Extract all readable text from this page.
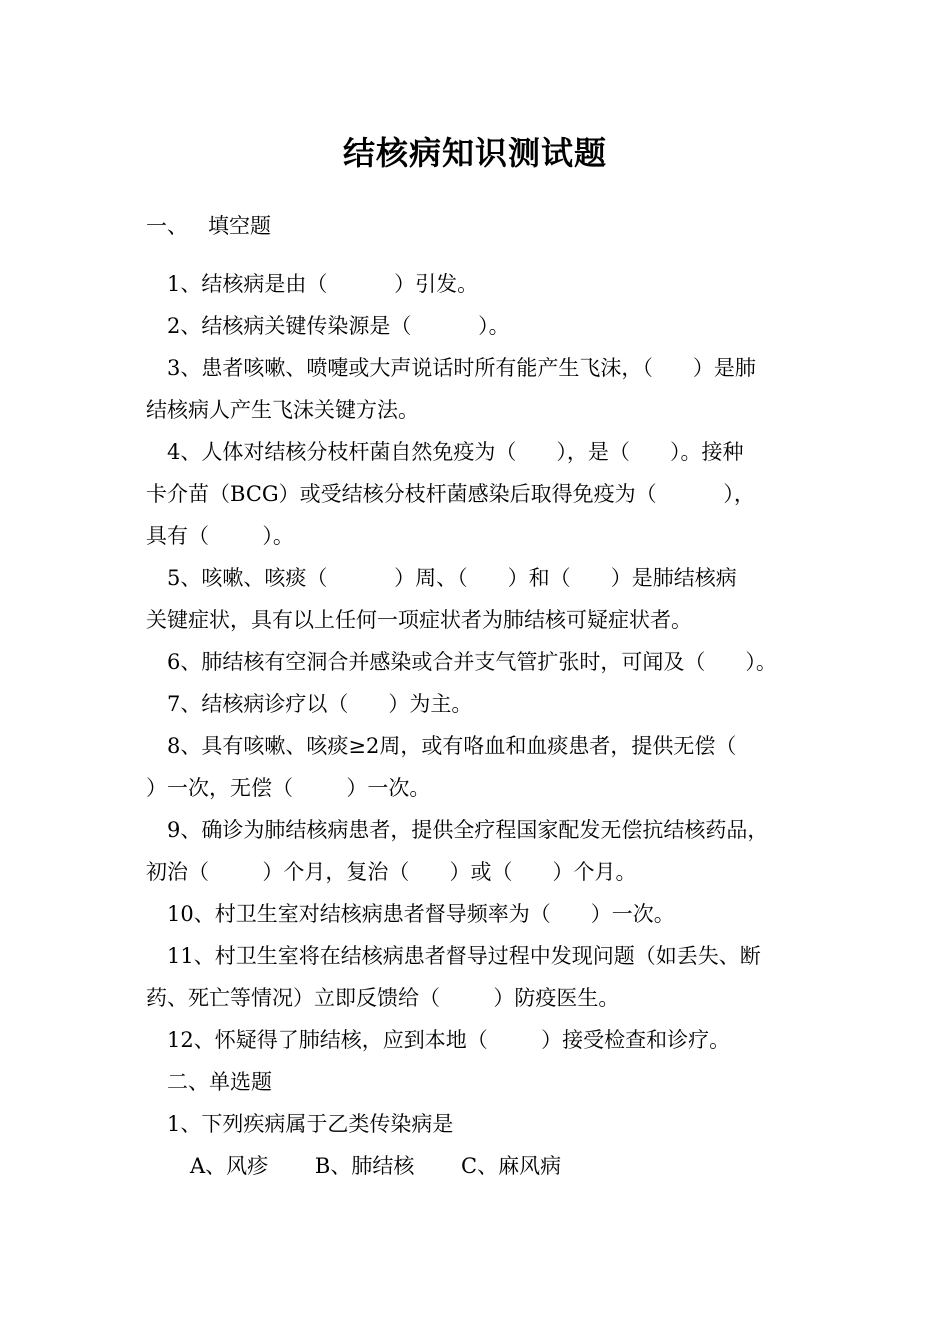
结核病知识测试题
一、   填空题
1、结核病是由（          ）引发。
2、结核病关键传染源是（          ）。
3、患者咳嗽、喷嚏或大声说话时所有能产生飞沫，（      ）是肺
结核病人产生飞沫关键方法。
4、人体对结核分枝杆菌自然免疫为（      ），是（      ）。接种
卡介苗（BCG）或受结核分枝杆菌感染后取得免疫为（          ），
具有（        ）。
5、咳嗽、咳痰（          ）周、（      ）和（      ）是肺结核病
关键症状，具有以上任何一项症状者为肺结核可疑症状者。
6、肺结核有空洞合并感染或合并支气管扩张时，可闻及（      ）。
7、结核病诊疗以（      ）为主。
8、具有咳嗽、咳痰≥2周，或有咯血和血痰患者，提供无偿（
）一次，无偿（        ）一次。
9、确诊为肺结核病患者，提供全疗程国家配发无偿抗结核药品，
初治（        ）个月，复治（      ）或（      ）个月。
10、村卫生室对结核病患者督导频率为（      ）一次。
11、村卫生室将在结核病患者督导过程中发现问题（如丢失、断
药、死亡等情况）立即反馈给（        ）防疫医生。
12、怀疑得了肺结核，应到本地（        ）接受检查和诊疗。
二、单选题
1、下列疾病属于乙类传染病是
A、风疹       B、肺结核       C、麻风病
